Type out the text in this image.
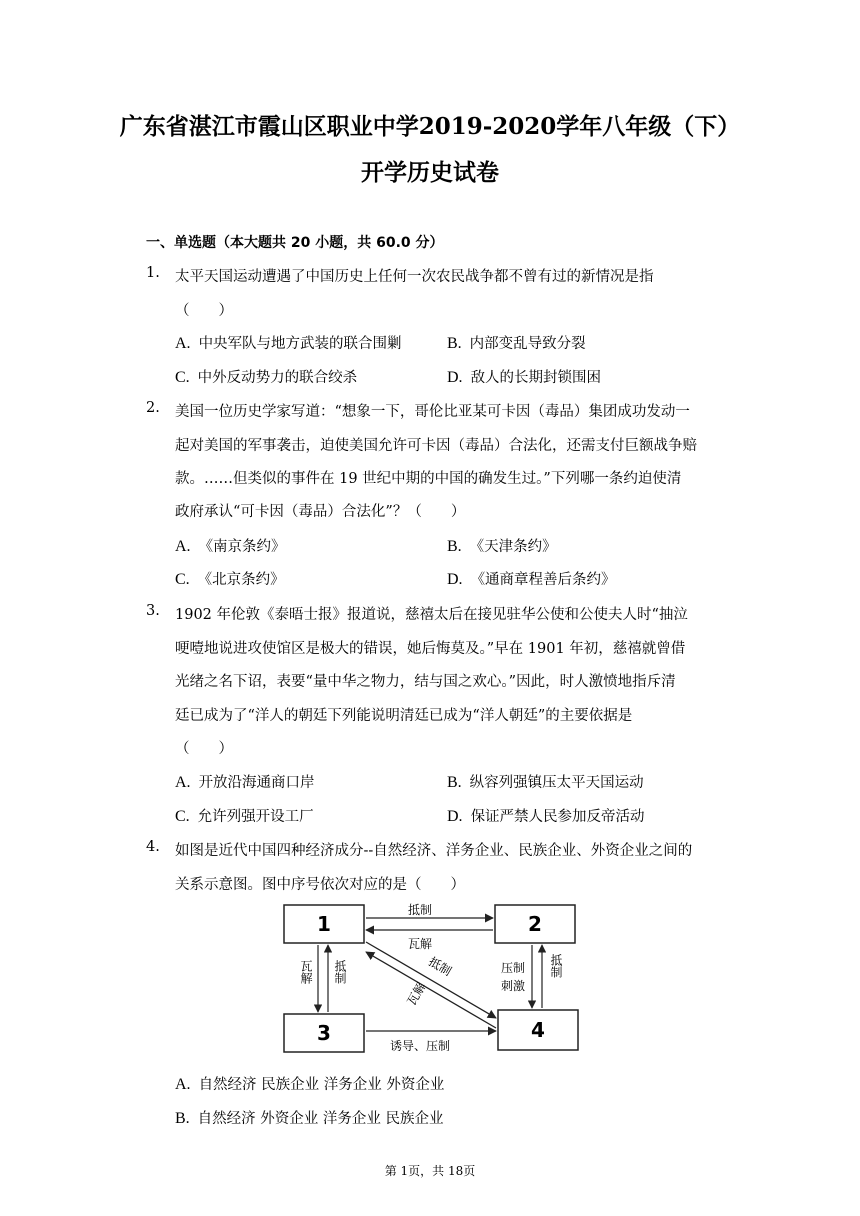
广东省湛江市霞山区职业中学2019-2020学年八年级（下）
开学历史试卷
一、单选题（本大题共 20 小题，共 60.0 分）
1. 太平天国运动遭遇了中国历史上任何一次农民战争都不曾有过的新情况是指
（　　）
A. 中央军队与地方武装的联合围剿	B. 内部变乱导致分裂
C. 中外反动势力的联合绞杀	D. 敌人的长期封锁围困
2. 美国一位历史学家写道：“想象一下，哥伦比亚某可卡因（毒品）集团成功发动一
起对美国的军事袭击，迫使美国允许可卡因（毒品）合法化，还需支付巨额战争赔
款。……但类似的事件在 19 世纪中期的中国的确发生过。”下列哪一条约迫使清
政府承认“可卡因（毒品）合法化”？（　　）
A. 《南京条约》	B. 《天津条约》
C. 《北京条约》	D. 《通商章程善后条约》
3. 1902 年伦敦《泰晤士报》报道说，慈禧太后在接见驻华公使和公使夫人时“抽泣
哽噎地说进攻使馆区是极大的错误，她后悔莫及。”早在 1901 年初，慈禧就曾借
光绪之名下诏，表要“量中华之物力，结与国之欢心。”因此，时人激愤地指斥清
廷已成为了“洋人的朝廷下列能说明清廷已成为“洋人朝廷”的主要依据是
（　　）
A. 开放沿海通商口岸	B. 纵容列强镇压太平天国运动
C. 允许列强开设工厂	D. 保证严禁人民参加反帝活动
4. 如图是近代中国四种经济成分--自然经济、洋务企业、民族企业、外资企业之间的
关系示意图。图中序号依次对应的是（　　）
1	2
3	4
抵制
瓦解
瓦解 抵制	压制
刺激
抵制
抵制
瓦解
诱导、压制
A. 自然经济 民族企业 洋务企业 外资企业
B. 自然经济 外资企业 洋务企业 民族企业
第 1页，共 18页
